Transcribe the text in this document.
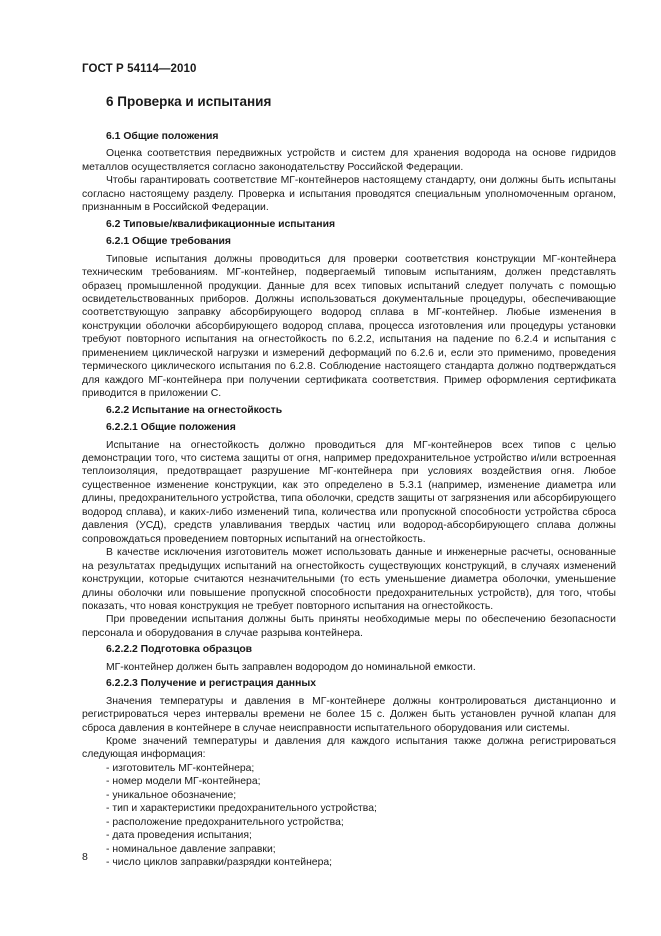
ГОСТ Р 54114—2010
6 Проверка и испытания
6.1 Общие положения

Оценка соответствия передвижных устройств и систем для хранения водорода на основе гидридов металлов осуществляется согласно законодательству Российской Федерации.

Чтобы гарантировать соответствие МГ-контейнеров настоящему стандарту, они должны быть испытаны согласно настоящему разделу. Проверка и испытания проводятся специальным уполномоченным органом, признанным в Российской Федерации.

6.2 Типовые/квалификационные испытания
6.2.1 Общие требования

Типовые испытания должны проводиться для проверки соответствия конструкции МГ-контейнера техническим требованиям. МГ-контейнер, подвергаемый типовым испытаниям, должен представлять образец промышленной продукции. Данные для всех типовых испытаний следует получать с помощью освидетельствованных приборов. Должны использоваться документальные процедуры, обеспечивающие соответствующую заправку абсорбирующего водород сплава в МГ-контейнер. Любые изменения в конструкции оболочки абсорбирующего водород сплава, процесса изготовления или процедуры установки требуют повторного испытания на огнестойкость по 6.2.2, испытания на падение по 6.2.4 и испытания с применением циклической нагрузки и измерений деформаций по 6.2.6 и, если это применимо, проведения термического циклического испытания по 6.2.8. Соблюдение настоящего стандарта должно подтверждаться для каждого МГ-контейнера при получении сертификата соответствия. Пример оформления сертификата приводится в приложении С.

6.2.2 Испытание на огнестойкость
6.2.2.1 Общие положения

Испытание на огнестойкость должно проводиться для МГ-контейнеров всех типов с целью демонстрации того, что система защиты от огня, например предохранительное устройство и/или встроенная теплоизоляция, предотвращает разрушение МГ-контейнера при условиях воздействия огня. Любое существенное изменение конструкции, как это определено в 5.3.1 (например, изменение диаметра или длины, предохранительного устройства, типа оболочки, средств защиты от загрязнения или абсорбирующего водород сплава), и каких-либо изменений типа, количества или пропускной способности устройства сброса давления (УСД), средств улавливания твердых частиц или водород-абсорбирующего сплава должны сопровождаться проведением повторных испытаний на огнестойкость.

В качестве исключения изготовитель может использовать данные и инженерные расчеты, основанные на результатах предыдущих испытаний на огнестойкость существующих конструкций, в случаях изменений конструкции, которые считаются незначительными (то есть уменьшение диаметра оболочки, уменьшение длины оболочки или повышение пропускной способности предохранительных устройств), для того, чтобы показать, что новая конструкция не требует повторного испытания на огнестойкость.

При проведении испытания должны быть приняты необходимые меры по обеспечению безопасности персонала и оборудования в случае разрыва контейнера.

6.2.2.2 Подготовка образцов

МГ-контейнер должен быть заправлен водородом до номинальной емкости.

6.2.2.3 Получение и регистрация данных

Значения температуры и давления в МГ-контейнере должны контролироваться дистанционно и регистрироваться через интервалы времени не более 15 с. Должен быть установлен ручной клапан для сброса давления в контейнере в случае неисправности испытательного оборудования или системы.

Кроме значений температуры и давления для каждого испытания также должна регистрироваться следующая информация:

- изготовитель МГ-контейнера;
- номер модели МГ-контейнера;
- уникальное обозначение;
- тип и характеристики предохранительного устройства;
- расположение предохранительного устройства;
- дата проведения испытания;
- номинальное давление заправки;
- число циклов заправки/разрядки контейнера;
8
